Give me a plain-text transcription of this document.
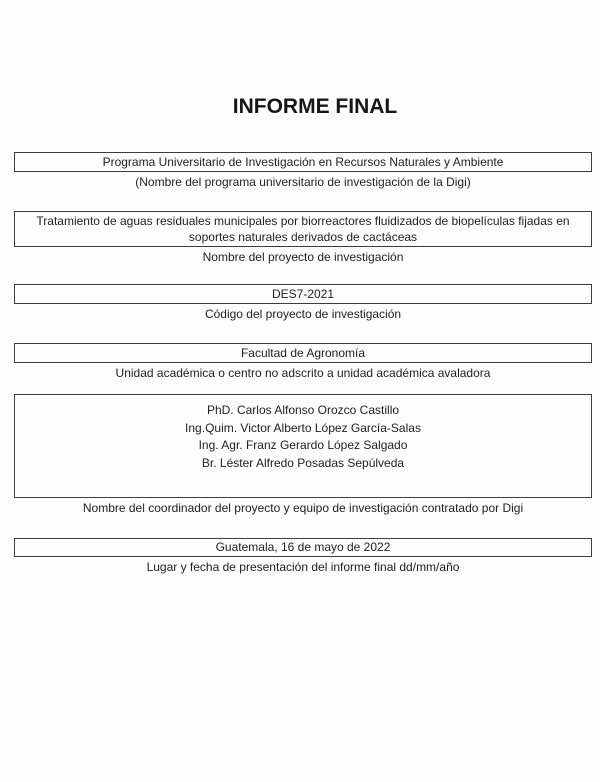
INFORME FINAL
Programa Universitario de Investigación en Recursos Naturales y Ambiente
(Nombre del programa universitario de investigación de la Digi)
Tratamiento de aguas residuales municipales por biorreactores fluidizados de biopelículas fijadas en soportes naturales derivados de cactáceas
Nombre del proyecto de investigación
DES7-2021
Código del proyecto de investigación
Facultad de Agronomía
Unidad académica o centro no adscrito a unidad académica avaladora
PhD. Carlos Alfonso Orozco Castillo
Ing.Quim. Victor Alberto López García-Salas
Ing. Agr. Franz Gerardo López Salgado
Br. Léster Alfredo Posadas Sepúlveda
Nombre del coordinador del proyecto y equipo de investigación contratado por Digi
Guatemala, 16 de mayo de 2022
Lugar y fecha de presentación del informe final dd/mm/año
